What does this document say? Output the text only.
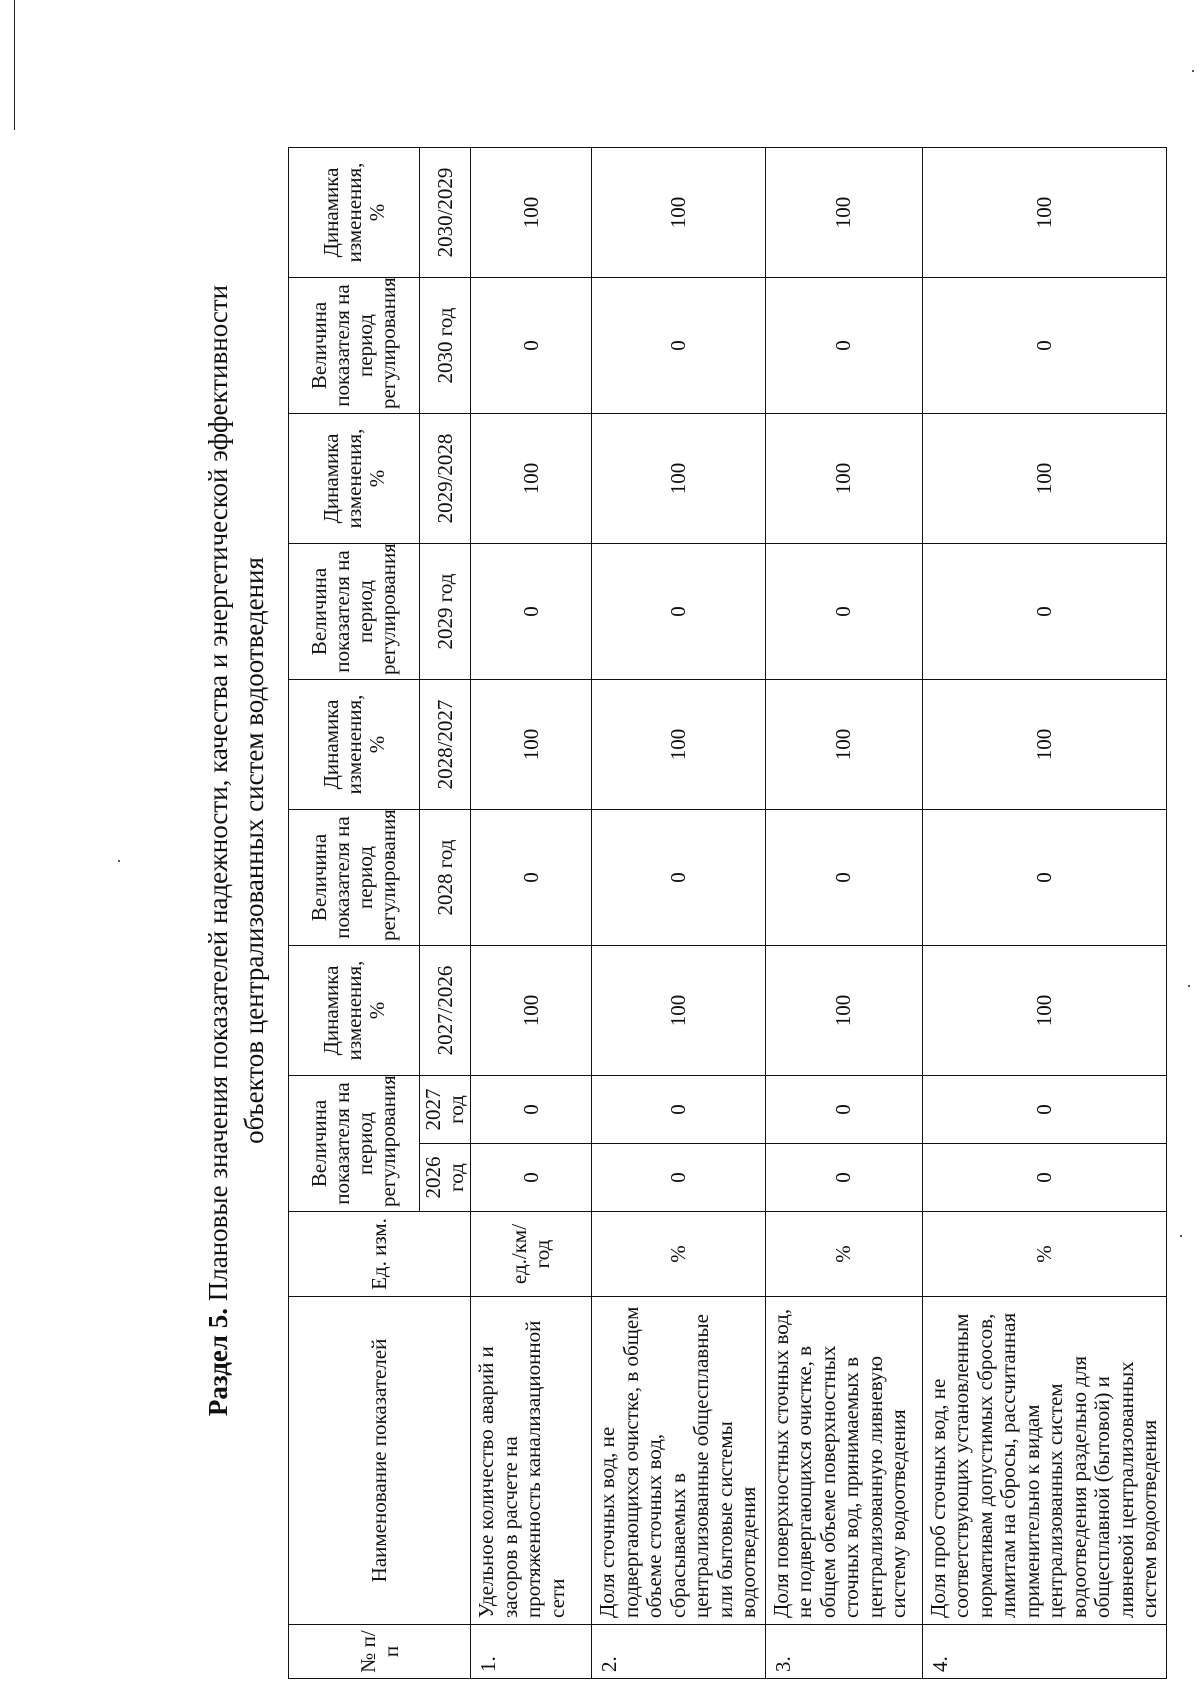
Раздел 5. Плановые значения показателей надежности, качества и энергетической эффективности объектов централизованных систем водоотведения
№ п/п	Наименование показателей	Ед. изм.	Величина показателя на период регулирования		Динамика изменения, %	Величина показателя на период регулирования	Динамика изменения, %	Величина показателя на период регулирования	Динамика изменения, %	Величина показателя на период регулирования	Динамика изменения, %
			2026 год	2027 год	2027/2026	2028 год	2028/2027	2029 год	2029/2028	2030 год	2030/2029
1.	Удельное количество аварий и засоров в расчете на протяженность канализационной сети	ед./км/год	0	0	100	0	100	0	100	0	100
2.	Доля сточных вод, не подвергающихся очистке, в общем объеме сточных вод, сбрасываемых в централизованные общесплавные или бытовые системы водоотведения	%	0	0	100	0	100	0	100	0	100
3.	Доля поверхностных сточных вод, не подвергающихся очистке, в общем объеме поверхностных сточных вод, принимаемых в централизованную ливневую систему водоотведения	%	0	0	100	0	100	0	100	0	100
4.	Доля проб сточных вод, не соответствующих установленным нормативам допустимых сбросов, лимитам на сбросы, рассчитанная применительно к видам централизованных систем водоотведения раздельно для общесплавной (бытовой) и ливневой централизованных систем водоотведения	%	0	0	100	0	100	0	100	0	100
